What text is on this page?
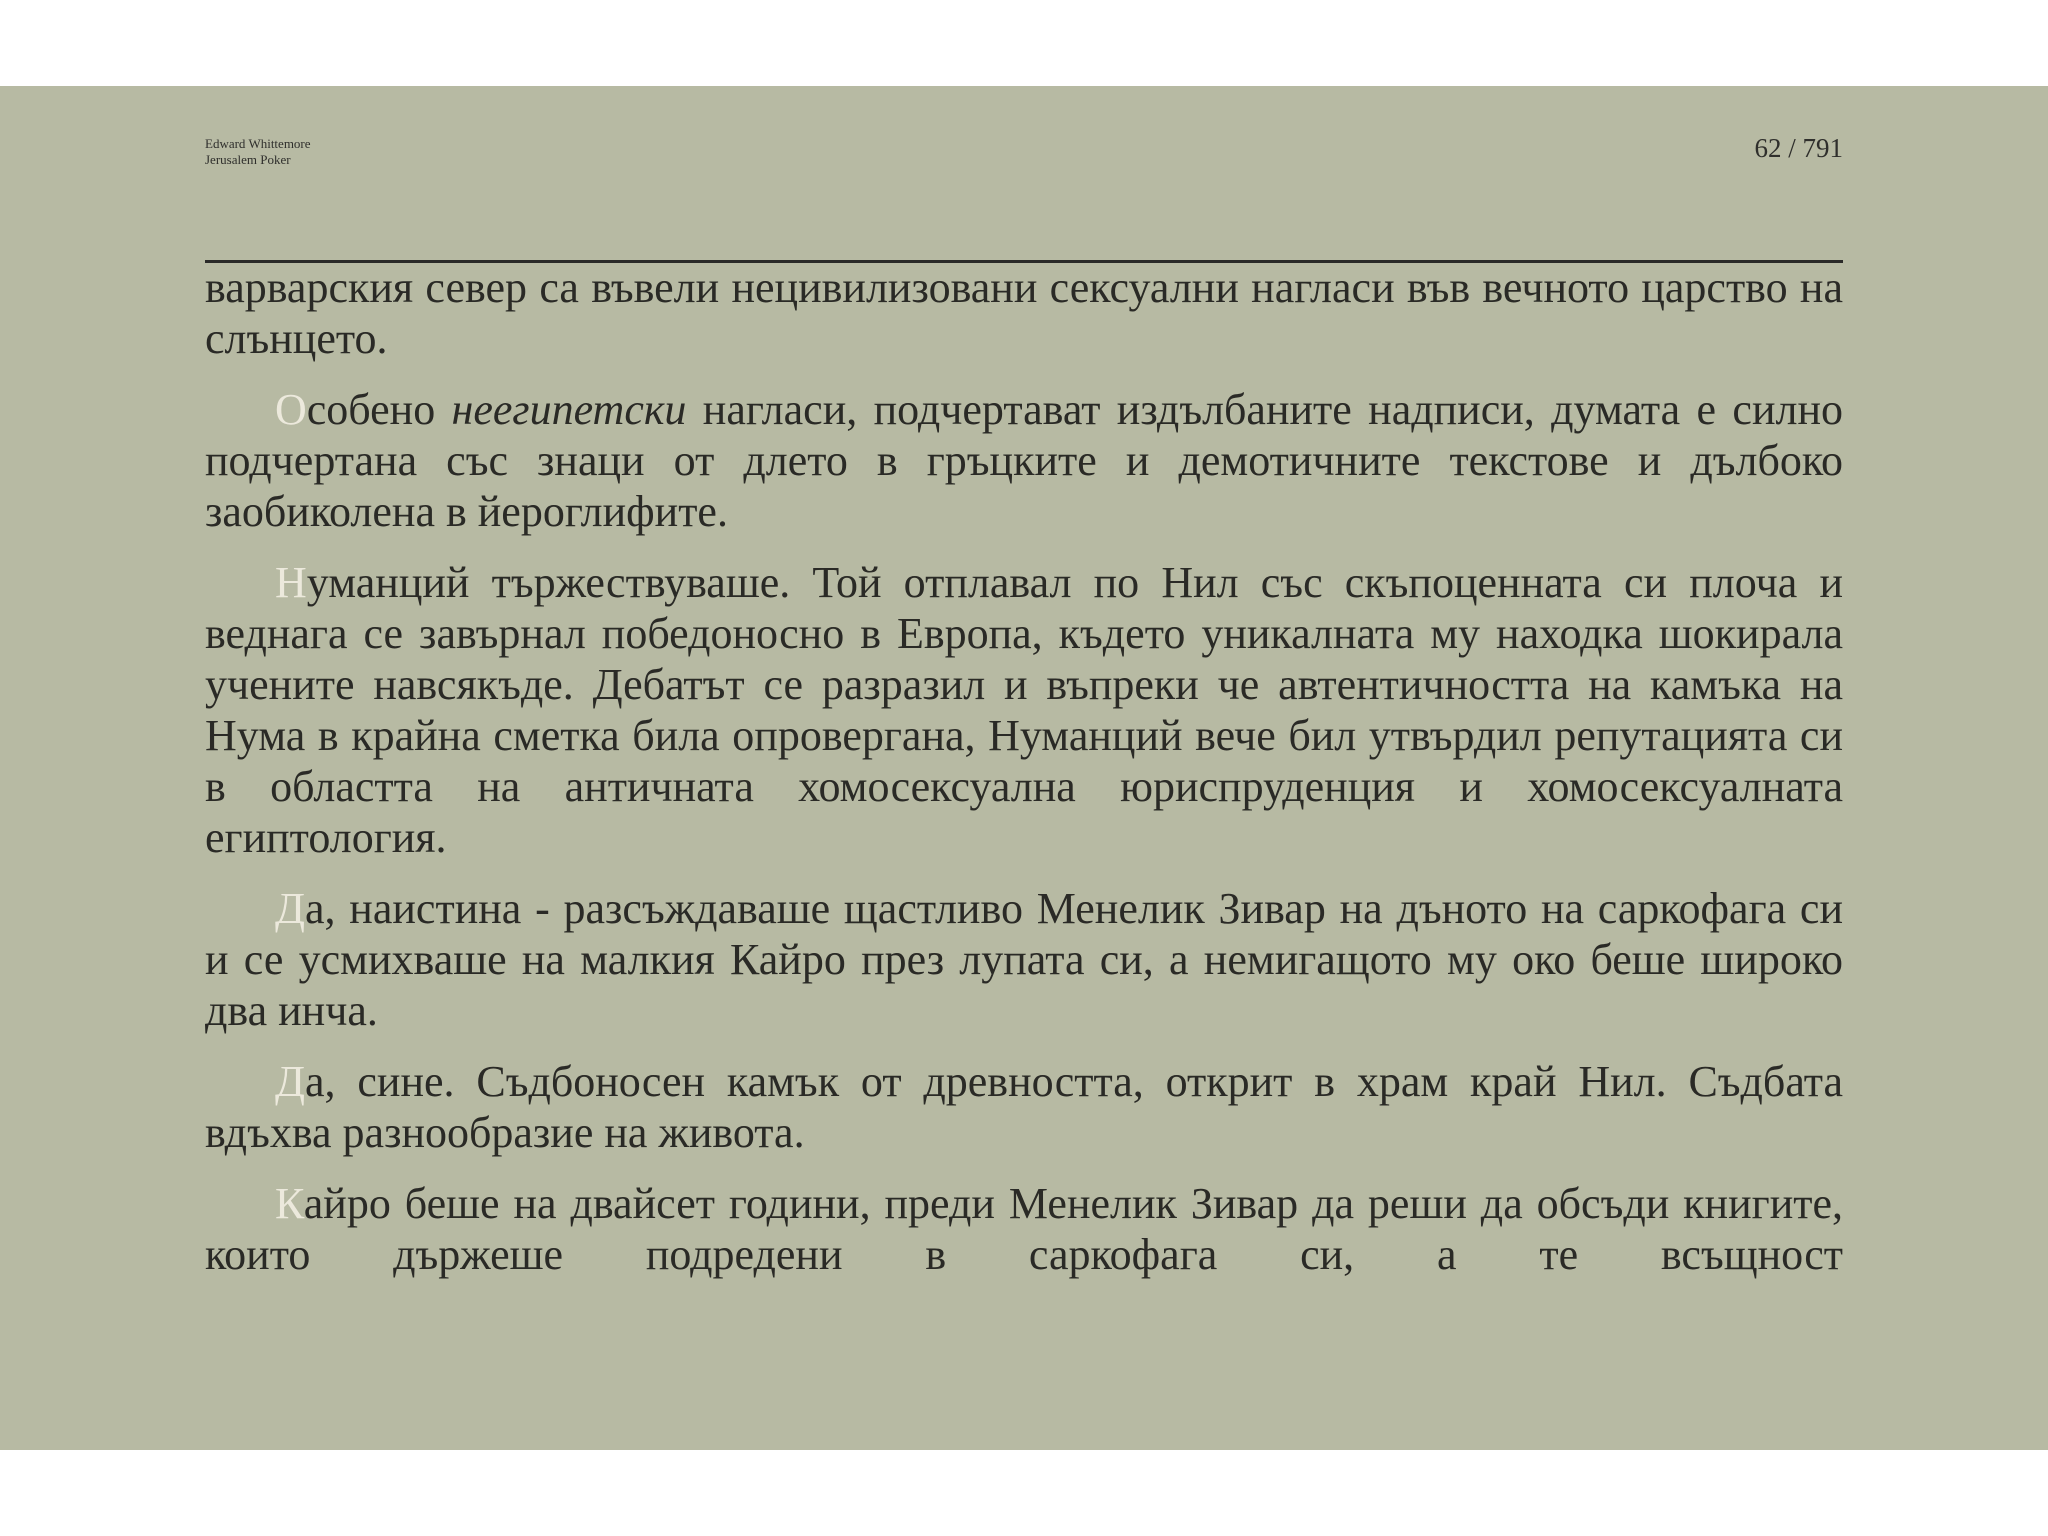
Edward Whittemore
Jerusalem Poker	62 / 791

варварския север са въвели нецивилизовани сексуални нагласи във вечното царство на слънцето.

Особено неегипетски нагласи, подчертават издълбаните надписи, думата е силно подчертана със знаци от длето в гръцките и демотичните текстове и дълбоко заобиколена в йероглифите.

Нуманций тържествуваше. Той отплавал по Нил със скъпоценната си плоча и веднага се завърнал победоносно в Европа, където уникалната му находка шокирала учените навсякъде. Дебатът се разразил и въпреки че автентичността на камъка на Нума в крайна сметка била опровергана, Нуманций вече бил утвърдил репутацията си в областта на античната хомосексуална юриспруденция и хомосексуалната египтология.

Да, наистина - разсъждаваше щастливо Менелик Зивар на дъното на саркофага си и се усмихваше на малкия Кайро през лупата си, а немигащото му око беше широко два инча.

Да, сине. Съдбоносен камък от древността, открит в храм край Нил. Съдбата вдъхва разнообразие на живота.

Кайро беше на двайсет години, преди Менелик Зивар да реши да обсъди книгите, които държеше подредени в саркофага си, а те всъщност
